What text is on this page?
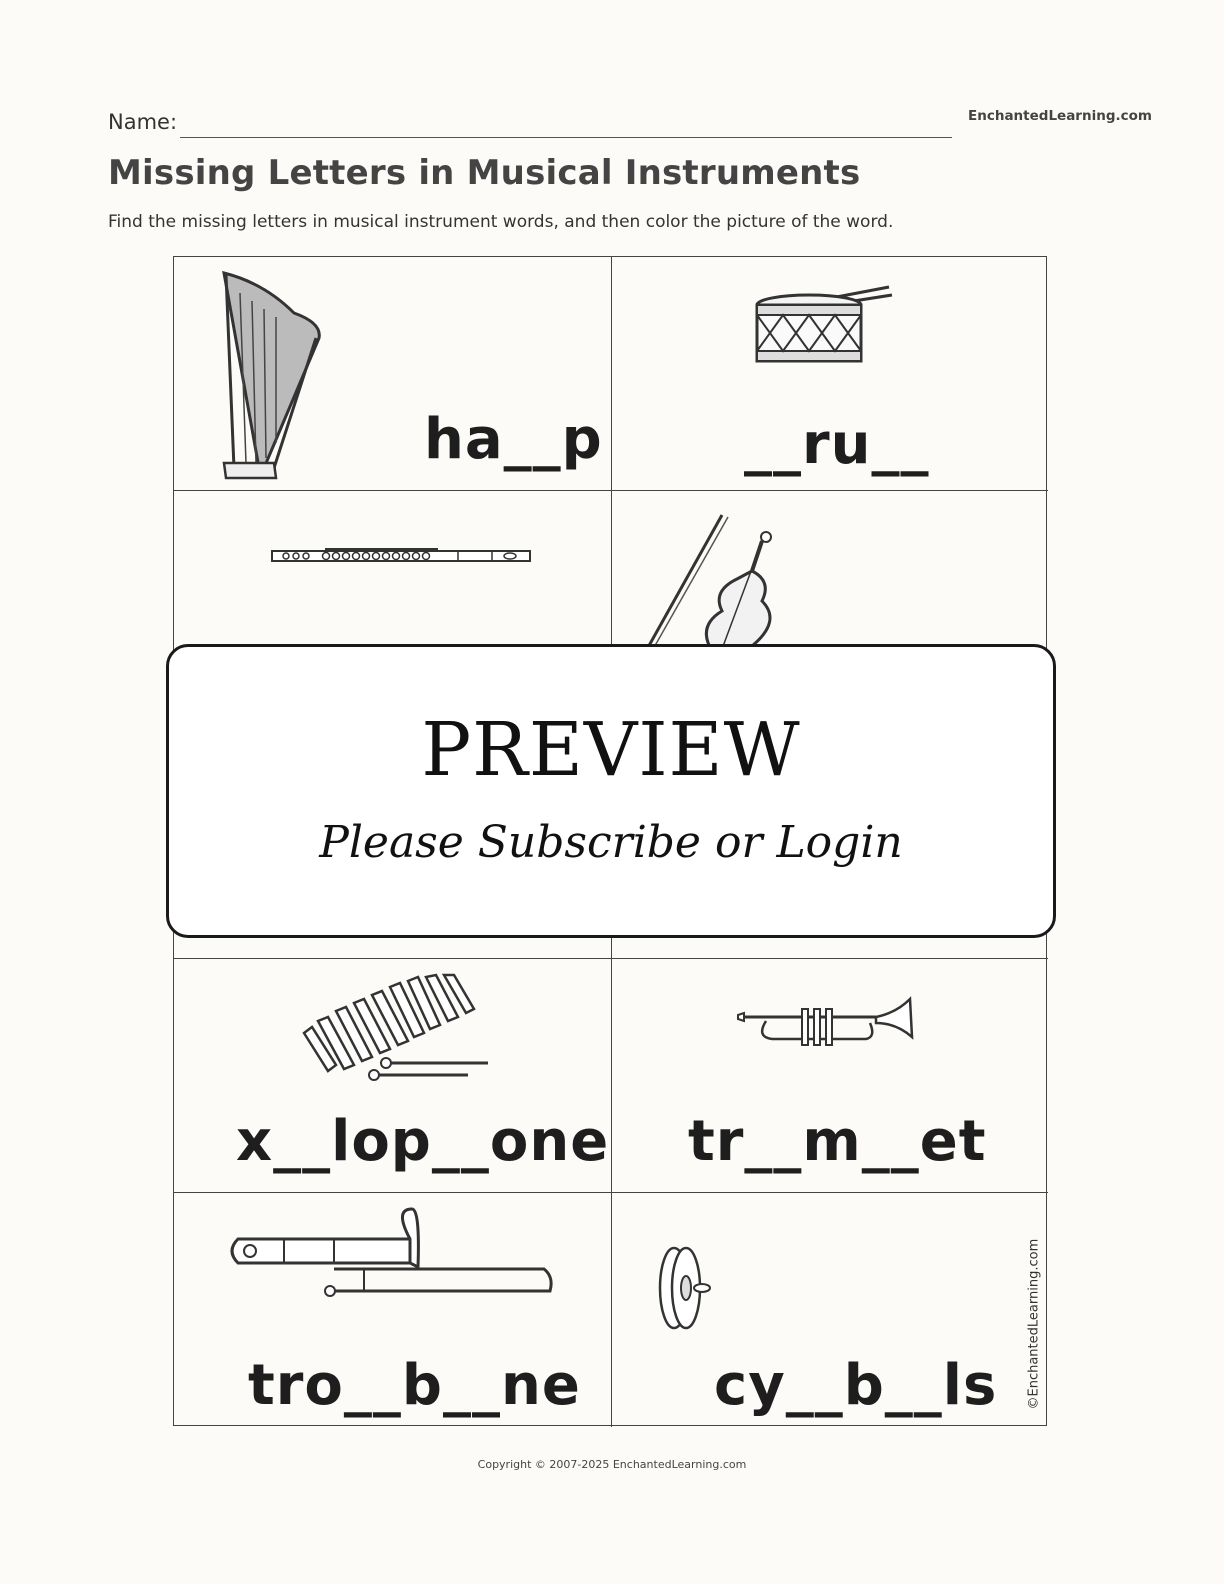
Name:	EnchantedLearning.com
Missing Letters in Musical Instruments
Find the missing letters in musical instrument words, and then color the picture of the word.
ha__p	__ru__
x__lop__one tr__m__et
tro__b__ne cy__b__ls ©EnchantedLearning.com
PREVIEW
Please Subscribe or Login
Copyright © 2007-2025 EnchantedLearning.com
